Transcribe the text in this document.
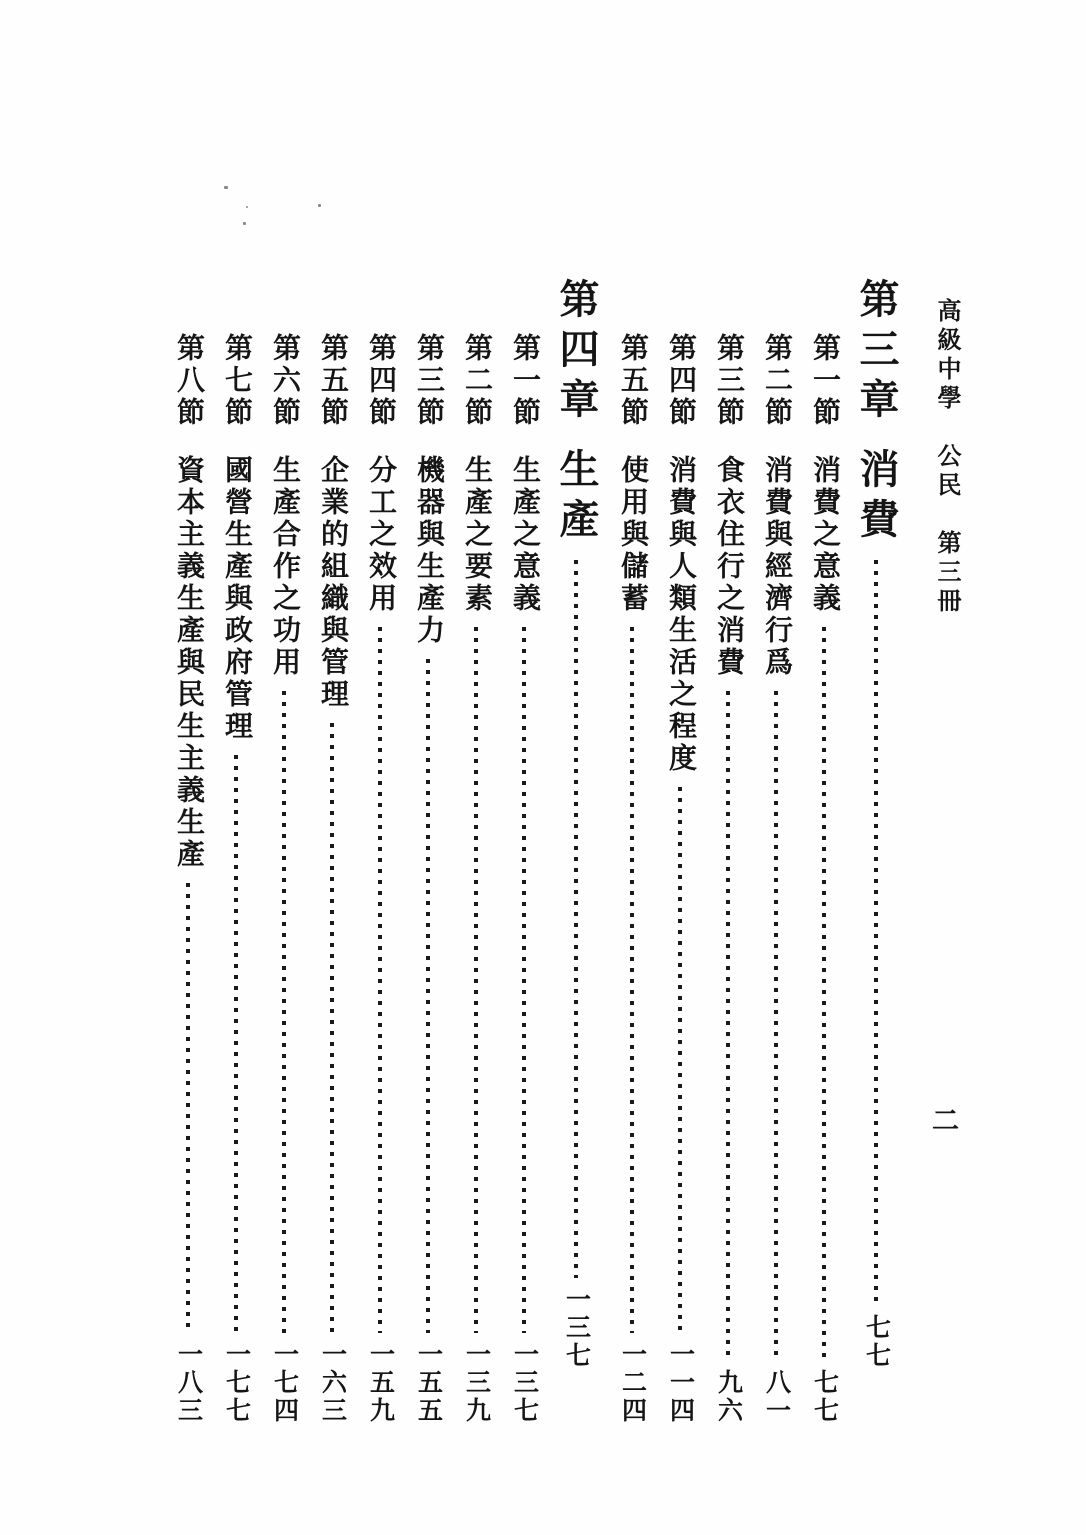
高級中學　公民　第三冊
二
第三章
消費
七七
第一節
消費之意義
七七
第二節
消費與經濟行爲
八一
第三節
食衣住行之消費
九六
第四節
消費與人類生活之程度
一一四
第五節
使用與儲蓄
一二四
第四章
生產
一三七
第一節
生產之意義
一三七
第二節
生產之要素
一三九
第三節
機器與生產力
一五五
第四節
分工之效用
一五九
第五節
企業的組織與管理
一六三
第六節
生產合作之功用
一七四
第七節
國營生產與政府管理
一七七
第八節
資本主義生產與民生主義生產
一八三
